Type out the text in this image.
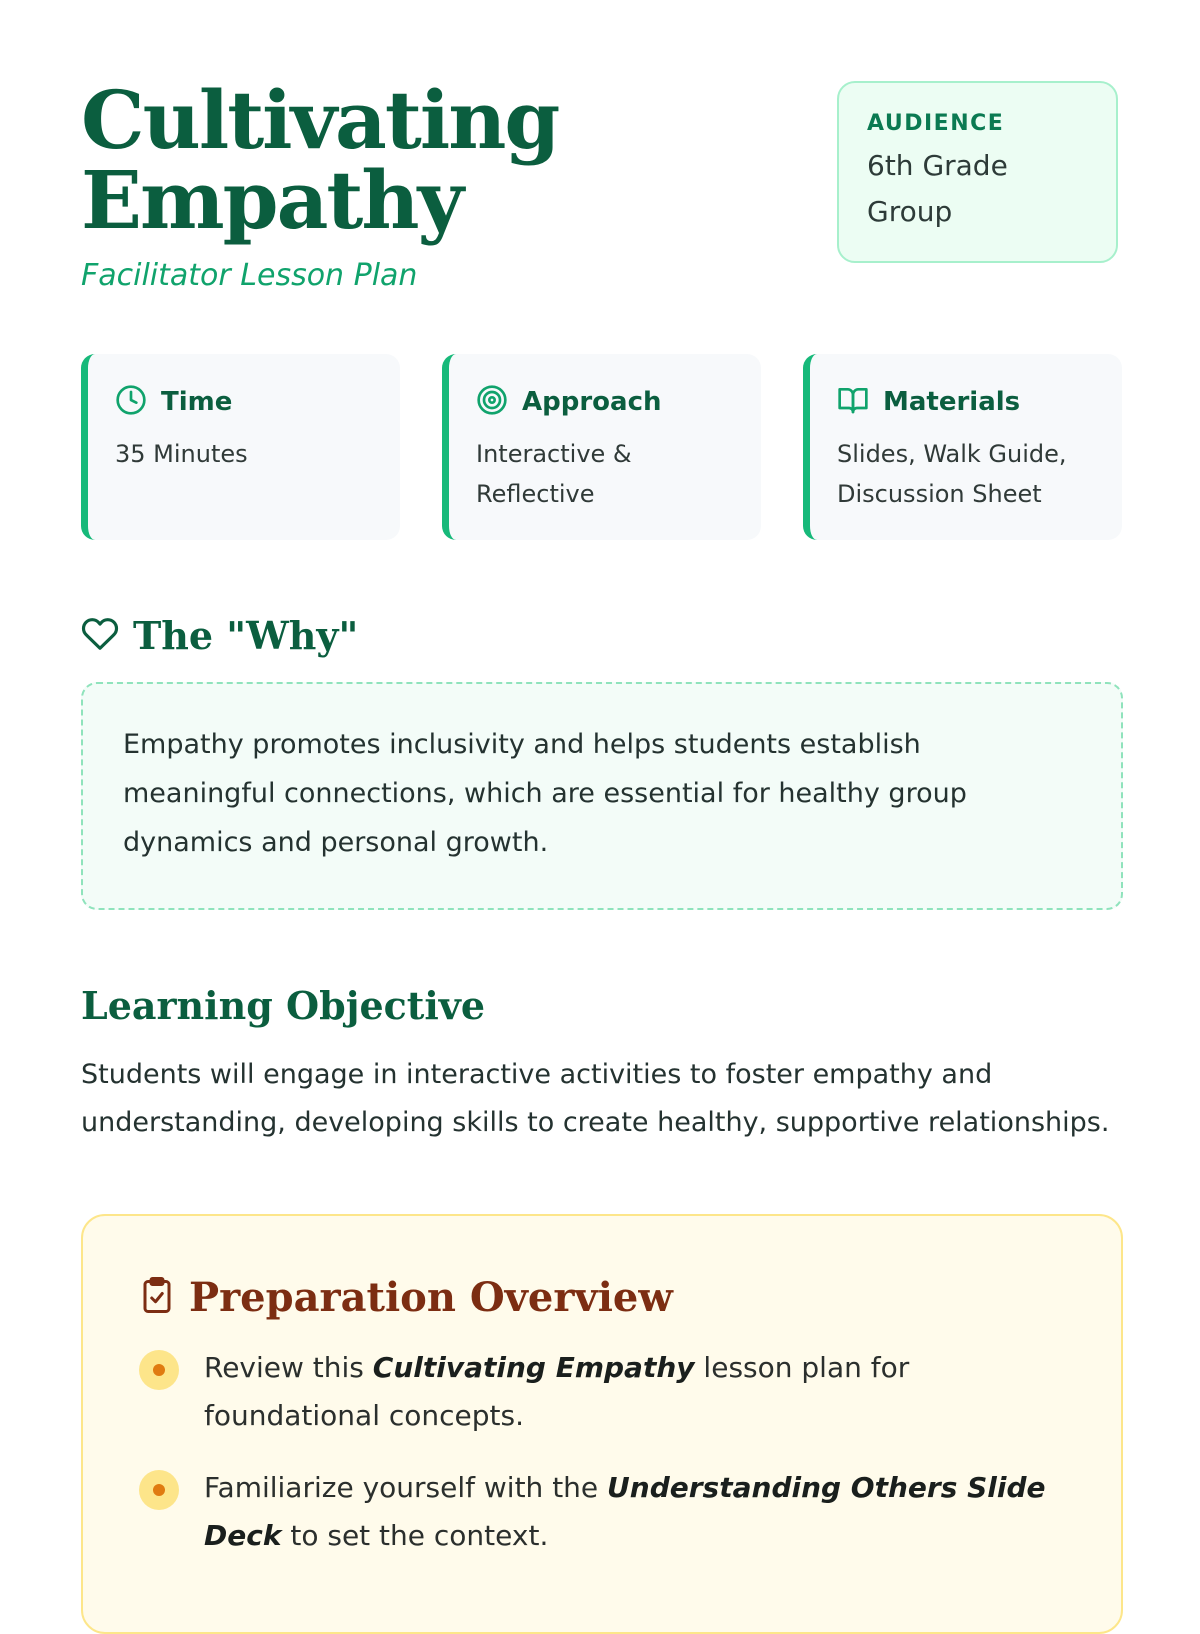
Cultivating
Empathy
Facilitator Lesson Plan
AUDIENCE
6th Grade
Group
Time
35 Minutes
Approach
Interactive &
Reflective
Materials
Slides, Walk Guide,
Discussion Sheet
The "Why"
Empathy promotes inclusivity and helps students establish meaningful connections, which are essential for healthy group dynamics and personal growth.
Learning Objective
Students will engage in interactive activities to foster empathy and understanding, developing skills to create healthy, supportive relationships.
Preparation Overview
Review this Cultivating Empathy lesson plan for foundational concepts.
Familiarize yourself with the Understanding Others Slide Deck to set the context.
